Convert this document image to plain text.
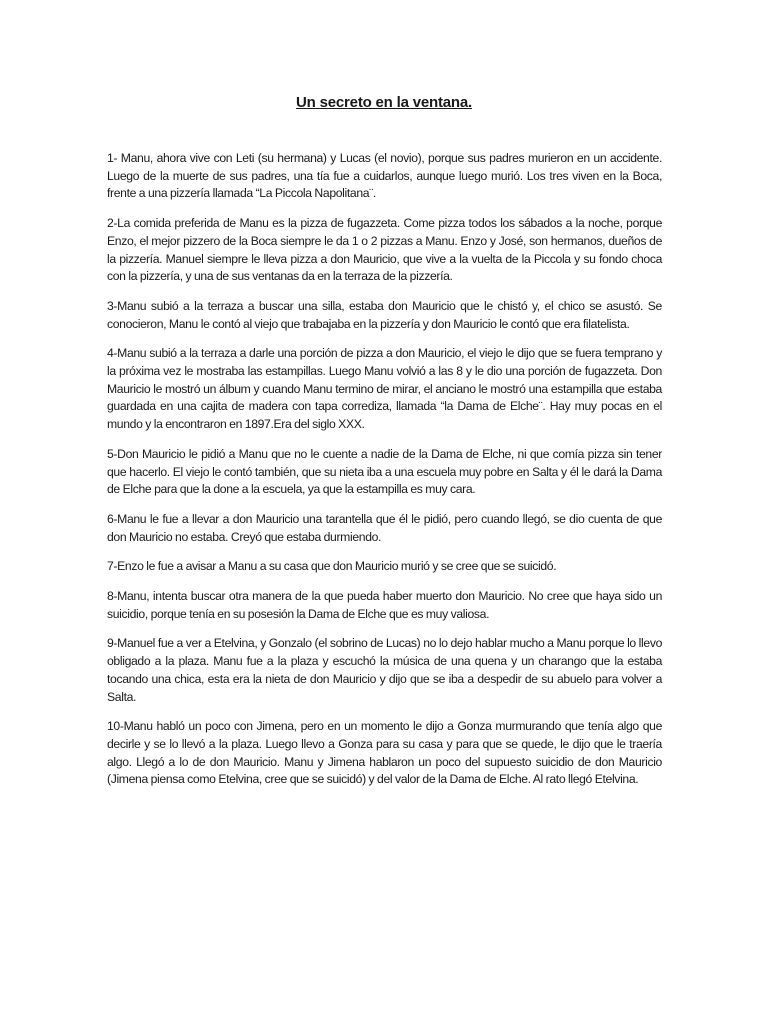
Un secreto en la ventana.

1- Manu, ahora vive con Leti (su hermana) y Lucas (el novio), porque sus padres murieron en un accidente. Luego de la muerte de sus padres, una tía fue a cuidarlos, aunque luego murió. Los tres viven en la Boca, frente a una pizzería llamada “La Piccola Napolitana¨.

2-La comida preferida de Manu es la pizza de fugazzeta. Come pizza todos los sábados a la noche, porque Enzo, el mejor pizzero de la Boca siempre le da 1 o 2 pizzas a Manu. Enzo y José, son hermanos, dueños de la pizzería. Manuel siempre le lleva pizza a don Mauricio, que vive a la vuelta de la Piccola y su fondo choca con la pizzería, y una de sus ventanas da en la terraza de la pizzería.

3-Manu subió a la terraza a buscar una silla, estaba don Mauricio que le chistó y, el chico se asustó. Se conocieron, Manu le contó al viejo que trabajaba en la pizzería y don Mauricio le contó que era filatelista.

4-Manu subió a la terraza a darle una porción de pizza a don Mauricio, el viejo le dijo que se fuera temprano y la próxima vez le mostraba las estampillas. Luego Manu volvió a las 8 y le dio una porción de fugazzeta. Don Mauricio le mostró un álbum y cuando Manu termino de mirar, el anciano le mostró una estampilla que estaba guardada en una cajita de madera con tapa corrediza, llamada “la Dama de Elche¨. Hay muy pocas en el mundo y la encontraron en 1897.Era del siglo XXX.

5-Don Mauricio le pidió a Manu que no le cuente a nadie de la Dama de Elche, ni que comía pizza sin tener que hacerlo. El viejo le contó también, que su nieta iba a una escuela muy pobre en Salta y él le dará la Dama de Elche para que la done a la escuela, ya que la estampilla es muy cara.

6-Manu le fue a llevar a don Mauricio una tarantella que él le pidió, pero cuando llegó, se dio cuenta de que don Mauricio no estaba. Creyó que estaba durmiendo.

7-Enzo le fue a avisar a Manu a su casa que don Mauricio murió y se cree que se suicidó.

8-Manu, intenta buscar otra manera de la que pueda haber muerto don Mauricio. No cree que haya sido un suicidio, porque tenía en su posesión la Dama de Elche que es muy valiosa.

9-Manuel fue a ver a Etelvina, y Gonzalo (el sobrino de Lucas) no lo dejo hablar mucho a Manu porque lo llevo obligado a la plaza. Manu fue a la plaza y escuchó la música de una quena y un charango que la estaba tocando una chica, esta era la nieta de don Mauricio y dijo que se iba a despedir de su abuelo para volver a Salta.

10-Manu habló un poco con Jimena, pero en un momento le dijo a Gonza murmurando que tenía algo que decirle y se lo llevó a la plaza. Luego llevo a Gonza para su casa y para que se quede, le dijo que le traería algo. Llegó a lo de don Mauricio. Manu y Jimena hablaron un poco del supuesto suicidio de don Mauricio (Jimena piensa como Etelvina, cree que se suicidó) y del valor de la Dama de Elche. Al rato llegó Etelvina.
